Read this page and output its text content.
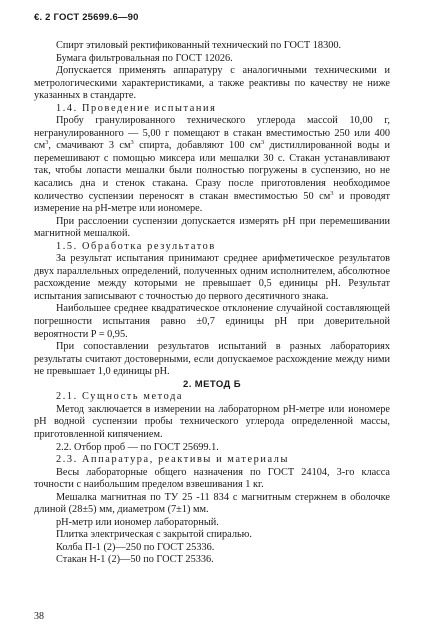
€. 2 ГОСТ 25699.6—90

Спирт этиловый ректификованный технический по ГОСТ 18300.

Бумага фильтровальная по ГОСТ 12026.

Допускается применять аппаратуру с аналогичными техническими и метрологическими характеристиками, а также реактивы по качеству не ниже указанных в стандарте.

1.4. Проведение испытания

Пробу гранулированного технического углерода массой 10,00 г, негранулированного — 5,00 г помещают в стакан вместимостью 250 или 400 $см^3$, смачивают 3 $см^3$ спирта, добавляют 100 $см^3$ дистиллированной воды и перемешивают с помощью миксера или мешалки 30 с. Стакан устанавливают так, чтобы лопасти мешалки были полностью погружены в суспензию, но не касались дна и стенок стакана. Сразу после приготовления необходимое количество суспензии переносят в стакан вместимостью 50 $см^3$ и проводят измерение на pH-метре или иономере.

При расслоении суспензии допускается измерять pH при перемешивании магнитной мешалкой.

1.5. Обработка результатов

За результат испытания принимают среднее арифметическое результатов двух параллельных определений, полученных одним исполнителем, абсолютное расхождение между которыми не превышает 0,5 единицы pH. Результат испытания записывают с точностью до первого десятичного знака.

Наибольшее среднее квадратическое отклонение случайной составляющей погрешности испытания равно ±0,7 единицы pH при доверительной вероятности P = 0,95.

При сопоставлении результатов испытаний в разных лабораториях результаты считают достоверными, если допускаемое расхождение между ними не превышает 1,0 единицы pH.

2. МЕТОД Б

2.1. Сущность метода

Метод заключается в измерении на лабораторном pH-метре или иономере pH водной суспензии пробы технического углерода определенной массы, приготовленной кипячением.

2.2. Отбор проб — по ГОСТ 25699.1.

2.3. Аппаратура, реактивы и материалы

Весы лабораторные общего назначения по ГОСТ 24104, 3-го класса точности с наибольшим пределом взвешивания 1 кг.

Мешалка магнитная по ТУ 25 -11 834 с магнитным стержнем в оболочке длиной (28±5) мм, диаметром (7±1) мм.

pH-метр или иономер лабораторный.

Плитка электрическая с закрытой спиралью.

Колба П-1 (2)—250 по ГОСТ 25336.

Стакан Н-1 (2)—50 по ГОСТ 25336.

38
